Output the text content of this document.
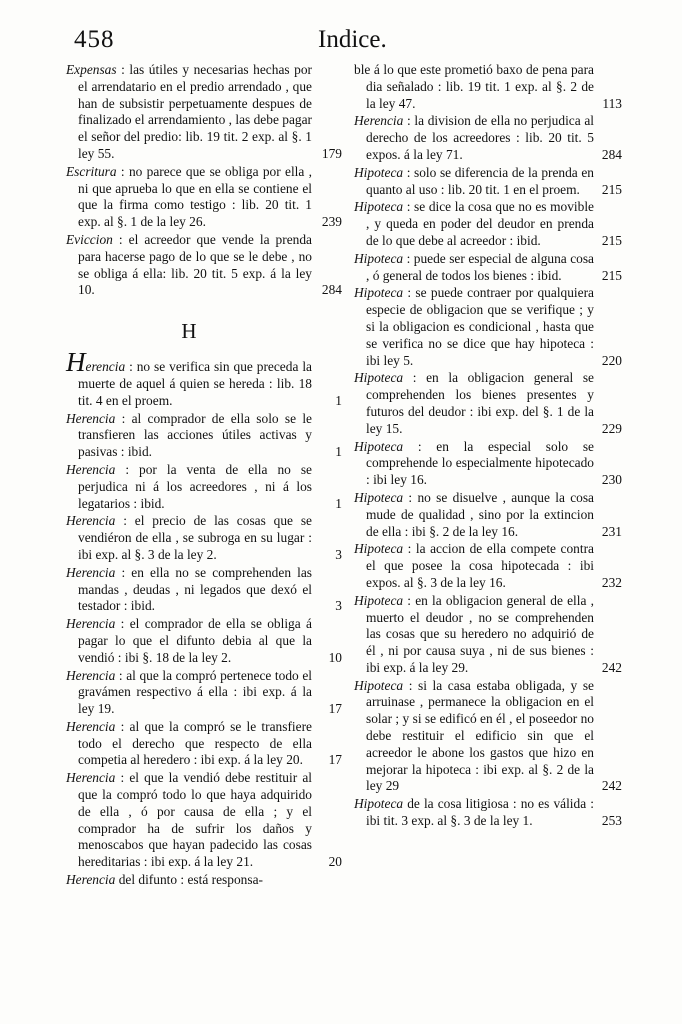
458	Indice.
Expensas : las útiles y necesarias hechas por el arrendatario en el predio arrendado , que han de subsistir perpetuamente despues de finalizado el arrendamiento , las debe pagar el señor del predio: lib. 19 tit. 2 exp. al §. 1 ley 55.	179
Escritura : no parece que se obliga por ella , ni que aprueba lo que en ella se contiene el que la firma como testigo : lib. 20 tit. 1 exp. al §. 1 de la ley 26.	239
Eviccion : el acreedor que vende la prenda para hacerse pago de lo que se le debe , no se obliga á ella: lib. 20 tit. 5 exp. á la ley 10.	284
H
Herencia : no se verifica sin que preceda la muerte de aquel á quien se hereda : lib. 18 tit. 4 en el proem.	1
Herencia : al comprador de ella solo se le transfieren las acciones útiles activas y pasivas : ibid.	1
Herencia : por la venta de ella no se perjudica ni á los acreedores , ni á los legatarios : ibid.	1
Herencia : el precio de las cosas que se vendiéron de ella , se subroga en su lugar : ibi exp. al §. 3 de la ley 2.	3
Herencia : en ella no se comprehenden las mandas , deudas , ni legados que dexó el testador : ibid.	3
Herencia : el comprador de ella se obliga á pagar lo que el difunto debia al que la vendió : ibi §. 18 de la ley 2.	10
Herencia : al que la compró pertenece todo el gravámen respectivo á ella : ibi exp. á la ley 19.	17
Herencia : al que la compró se le transfiere todo el derecho que respecto de ella competia al heredero : ibi exp. á la ley 20. 17
Herencia : el que la vendió debe restituir al que la compró todo lo que haya adquirido de ella , ó por causa de ella ; y el comprador ha de sufrir los daños y menoscabos que hayan padecido las cosas hereditarias : ibi exp. á la ley 21.	20
Herencia del difunto : está responsa-
ble á lo que este prometió baxo de pena para dia señalado : lib. 19 tit. 1 exp. al §. 2 de la ley 47.	113
Herencia : la division de ella no perjudica al derecho de los acreedores : lib. 20 tit. 5 expos. á la ley 71.	284
Hipoteca : solo se diferencia de la prenda en quanto al uso : lib. 20 tit. 1 en el proem. 215
Hipoteca : se dice la cosa que no es movible , y queda en poder del deudor en prenda de lo que debe al acreedor : ibid.	215
Hipoteca : puede ser especial de alguna cosa , ó general de todos los bienes : ibid.	215
Hipoteca : se puede contraer por qualquiera especie de obligacion que se verifique ; y si la obligacion es condicional , hasta que se verifica no se dice que hay hipoteca : ibi ley 5.	220
Hipoteca : en la obligacion general se comprehenden los bienes presentes y futuros del deudor : ibi exp. del §. 1 de la ley 15.	229
Hipoteca : en la especial solo se comprehende lo especialmente hipotecado : ibi ley 16.	230
Hipoteca : no se disuelve , aunque la cosa mude de qualidad , sino por la extincion de ella : ibi §. 2 de la ley 16.	231
Hipoteca : la accion de ella compete contra el que posee la cosa hipotecada : ibi expos. al §. 3 de la ley 16.	232
Hipoteca : en la obligacion general de ella , muerto el deudor , no se comprehenden las cosas que su heredero no adquirió de él , ni por causa suya , ni de sus bienes : ibi exp. á la ley 29.	242
Hipoteca : si la casa estaba obligada, y se arruinase , permanece la obligacion en el solar ; y si se edificó en él , el poseedor no debe restituir el edificio sin que el acreedor le abone los gastos que hizo en mejorar la hipoteca : ibi exp. al §. 2 de la ley 29	242
Hipoteca de la cosa litigiosa : no es válida : ibi tit. 3 exp. al §. 3 de la ley 1.	253
